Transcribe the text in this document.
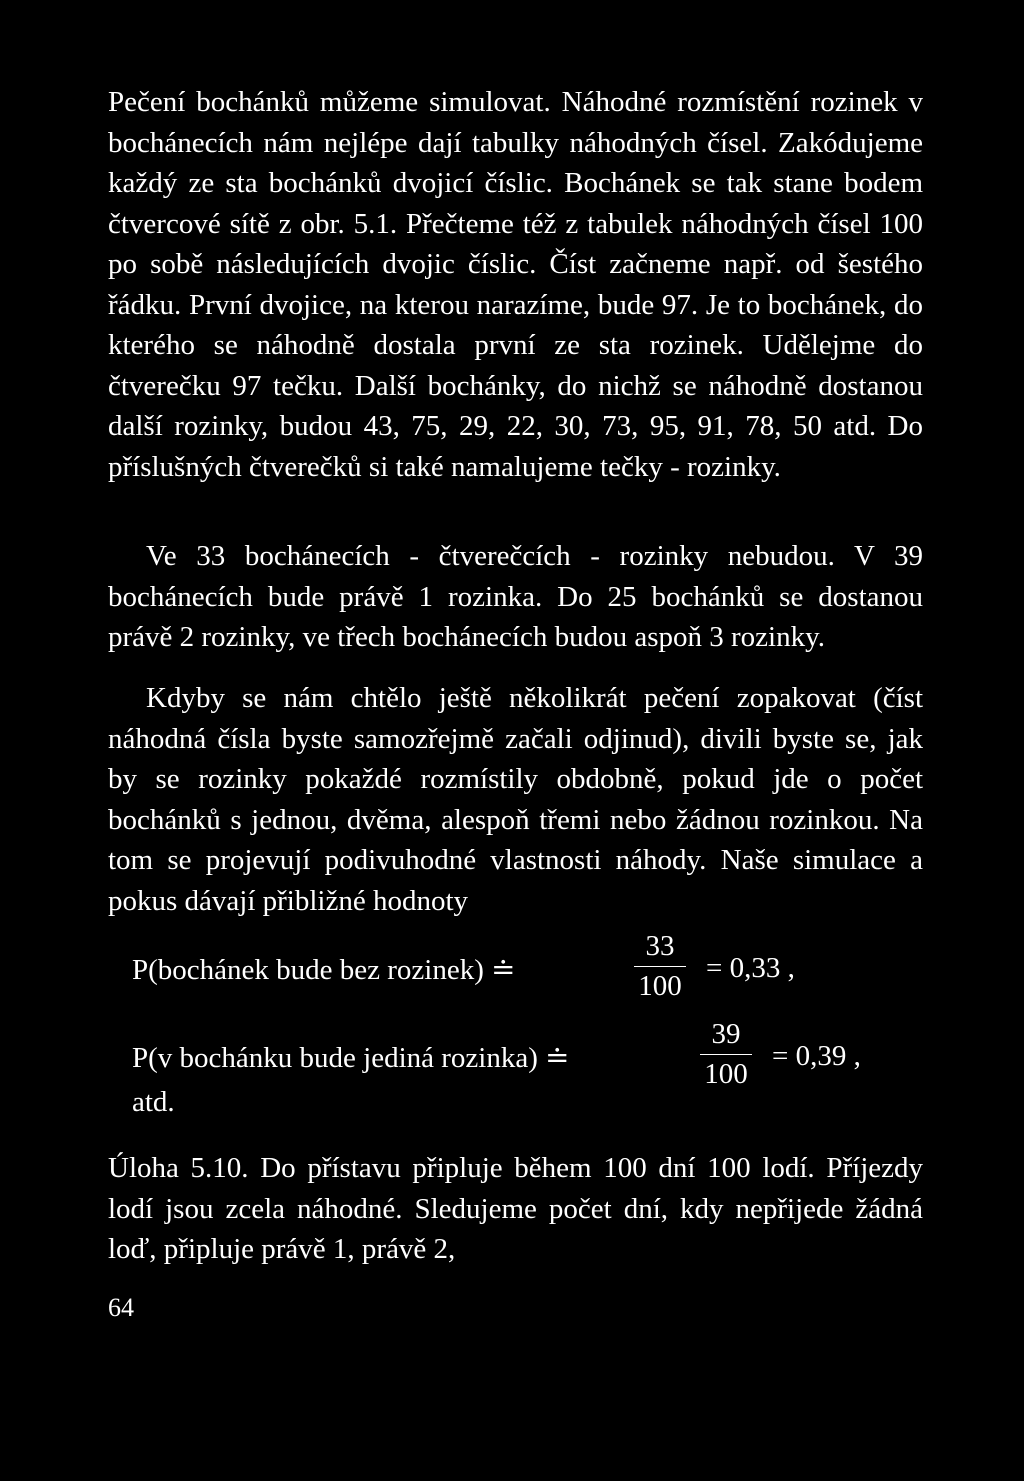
Pečení bochánků můžeme simulovat. Náhodné rozmístění rozinek v bochánecích nám nejlépe dají tabulky náhodných čísel. Zakódujeme každý ze sta bochánků dvojicí číslic. Bochánek se tak stane bodem čtvercové sítě z obr. 5.1. Přečteme též z tabulek náhodných čísel 100 po sobě následujících dvojic číslic. Číst začneme např. od šestého řádku. První dvojice, na kterou narazíme, bude 97. Je to bochánek, do kterého se náhodně dostala první ze sta rozinek. Udělejme do čtverečku 97 tečku. Další bochánky, do nichž se náhodně dostanou další rozinky, budou 43, 75, 29, 22, 30, 73, 95, 91, 78, 50 atd. Do příslušných čtverečků si také namalujeme tečky - rozinky.

Ve 33 bochánecích - čtverečcích - rozinky nebudou. V 39 bochánecích bude právě 1 rozinka. Do 25 bochánků se dostanou právě 2 rozinky, ve třech bochánecích budou aspoň 3 rozinky.

Kdyby se nám chtělo ještě několikrát pečení zopakovat (číst náhodná čísla byste samozřejmě začali odjinud), divili byste se, jak by se rozinky pokaždé rozmístily obdobně, pokud jde o počet bochánků s jednou, dvěma, alespoň třemi nebo žádnou rozinkou. Na tom se projevují podivuhodné vlastnosti náhody. Naše simulace a pokus dávají přibližné hodnoty

P(bochánek bude bez rozinek) ≐
33
100
= 0,33 ,
P(v bochánku bude jediná rozinka) ≐
39
100
= 0,39 ,
atd.

Úloha 5.10. Do přístavu připluje během 100 dní 100 lodí. Příjezdy lodí jsou zcela náhodné. Sledujeme počet dní, kdy nepřijede žádná loď, připluje právě 1, právě 2,

64
